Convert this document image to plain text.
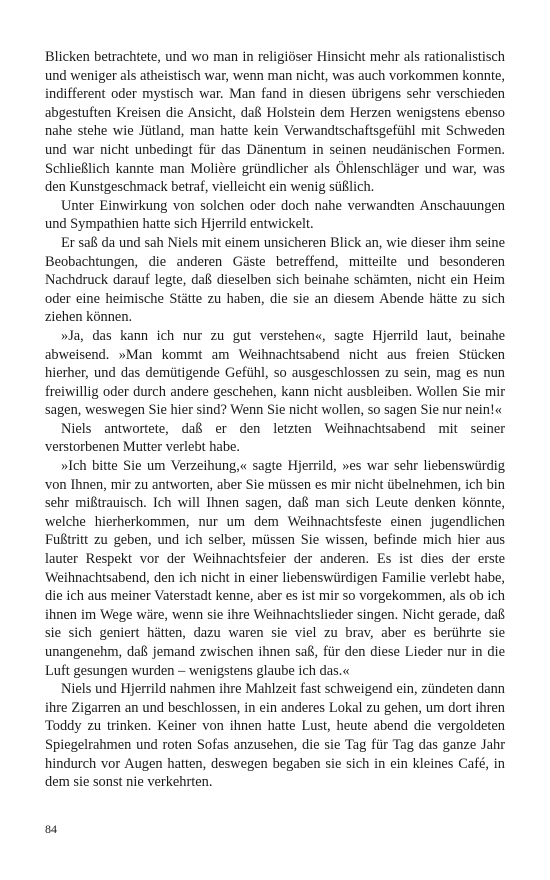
Blicken betrachtete, und wo man in religiöser Hinsicht mehr als rationalistisch und weniger als atheistisch war, wenn man nicht, was auch vorkommen konnte, indifferent oder mystisch war. Man fand in diesen übrigens sehr verschieden abgestuften Kreisen die Ansicht, daß Holstein dem Herzen wenigstens ebenso nahe stehe wie Jütland, man hatte kein Verwandtschaftsgefühl mit Schweden und war nicht unbedingt für das Dänentum in seinen neudänischen Formen. Schließlich kannte man Molière gründlicher als Öhlenschläger und war, was den Kunstgeschmack betraf, vielleicht ein wenig süßlich.

Unter Einwirkung von solchen oder doch nahe verwandten Anschauungen und Sympathien hatte sich Hjerrild entwickelt.

Er saß da und sah Niels mit einem unsicheren Blick an, wie dieser ihm seine Beobachtungen, die anderen Gäste betreffend, mitteilte und besonderen Nachdruck darauf legte, daß dieselben sich beinahe schämten, nicht ein Heim oder eine heimische Stätte zu haben, die sie an diesem Abende hätte zu sich ziehen können.

»Ja, das kann ich nur zu gut verstehen«, sagte Hjerrild laut, beinahe abweisend. »Man kommt am Weihnachtsabend nicht aus freien Stücken hierher, und das demütigende Gefühl, so ausgeschlossen zu sein, mag es nun freiwillig oder durch andere geschehen, kann nicht ausbleiben. Wollen Sie mir sagen, weswegen Sie hier sind? Wenn Sie nicht wollen, so sagen Sie nur nein!«

Niels antwortete, daß er den letzten Weihnachtsabend mit seiner verstorbenen Mutter verlebt habe.

»Ich bitte Sie um Verzeihung,« sagte Hjerrild, »es war sehr liebenswürdig von Ihnen, mir zu antworten, aber Sie müssen es mir nicht übelnehmen, ich bin sehr mißtrauisch. Ich will Ihnen sagen, daß man sich Leute denken könnte, welche hierherkommen, nur um dem Weihnachtsfeste einen jugendlichen Fußtritt zu geben, und ich selber, müssen Sie wissen, befinde mich hier aus lauter Respekt vor der Weihnachtsfeier der anderen. Es ist dies der erste Weihnachtsabend, den ich nicht in einer liebenswürdigen Familie verlebt habe, die ich aus meiner Vaterstadt kenne, aber es ist mir so vorgekommen, als ob ich ihnen im Wege wäre, wenn sie ihre Weihnachtslieder singen. Nicht gerade, daß sie sich geniert hätten, dazu waren sie viel zu brav, aber es berührte sie unangenehm, daß jemand zwischen ihnen saß, für den diese Lieder nur in die Luft gesungen wurden – wenigstens glaube ich das.«

Niels und Hjerrild nahmen ihre Mahlzeit fast schweigend ein, zündeten dann ihre Zigarren an und beschlossen, in ein anderes Lokal zu gehen, um dort ihren Toddy zu trinken. Keiner von ihnen hatte Lust, heute abend die vergoldeten Spiegelrahmen und roten Sofas anzusehen, die sie Tag für Tag das ganze Jahr hindurch vor Augen hatten, deswegen begaben sie sich in ein kleines Café, in dem sie sonst nie verkehrten.

84
